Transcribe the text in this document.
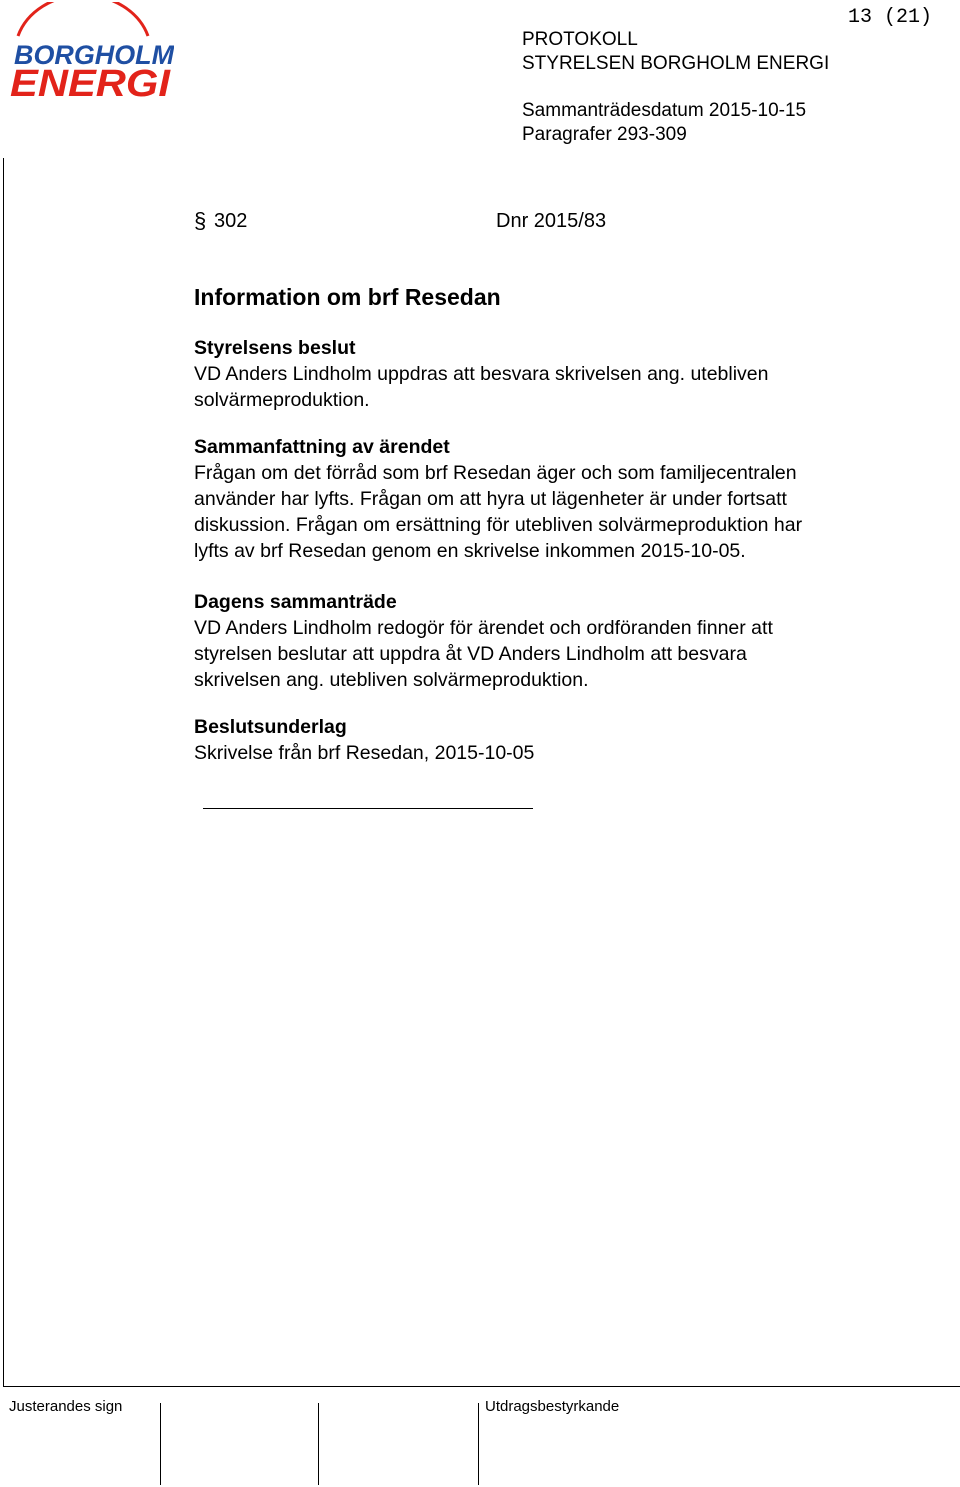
BORGHOLM
ENERGI
13 (21)
PROTOKOLL
STYRELSEN BORGHOLM ENERGI
Sammanträdesdatum 2015-10-15
Paragrafer 293-309
§ 302	Dnr 2015/83
Information om brf Resedan
Styrelsens beslut

VD Anders Lindholm uppdras att besvara skrivelsen ang. utebliven

solvärmeproduktion.

Sammanfattning av ärendet

Frågan om det förråd som brf Resedan äger och som familjecentralen

använder har lyfts. Frågan om att hyra ut lägenheter är under fortsatt

diskussion. Frågan om ersättning för utebliven solvärmeproduktion har

lyfts av brf Resedan genom en skrivelse inkommen 2015-10-05.

Dagens sammanträde

VD Anders Lindholm redogör för ärendet och ordföranden finner att

styrelsen beslutar att uppdra åt VD Anders Lindholm att besvara

skrivelsen ang. utebliven solvärmeproduktion.

Beslutsunderlag

Skrivelse från brf Resedan, 2015-10-05

Justerandes sign	Utdragsbestyrkande
